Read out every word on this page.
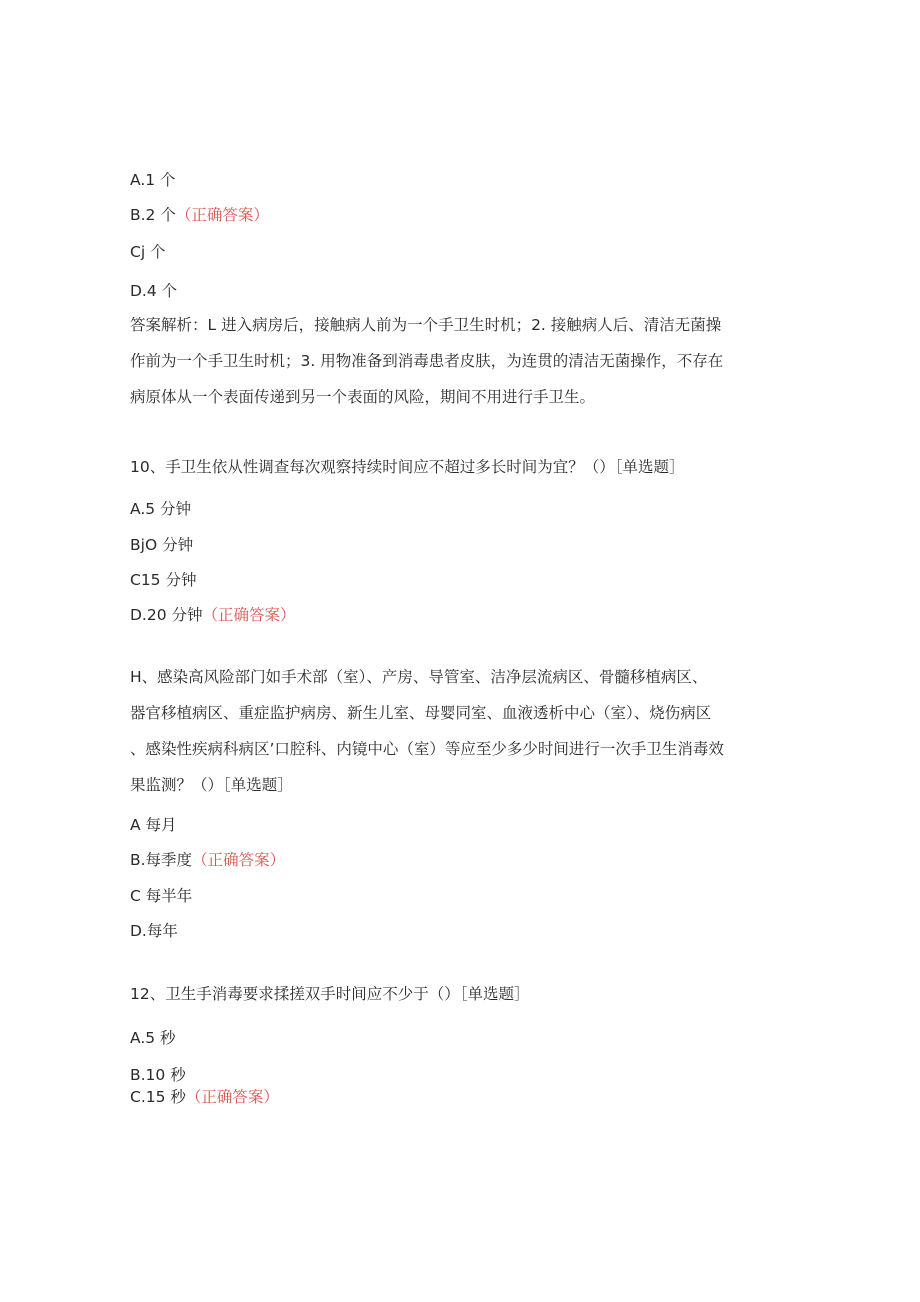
A.1 个
B.2 个（正确答案）
Cj 个
D.4 个
答案解析：L 进入病房后，接触病人前为一个手卫生时机；2. 接触病人后、清洁无菌操
作前为一个手卫生时机；3. 用物准备到消毒患者皮肤，为连贯的清洁无菌操作，不存在
病原体从一个表面传递到另一个表面的风险，期间不用进行手卫生。
10、手卫生依从性调查每次观察持续时间应不超过多长时间为宜？（）［单选题］
A.5 分钟
BjO 分钟
C15 分钟
D.20 分钟（正确答案）
H、感染高风险部门如手术部（室）、产房、导管室、洁净层流病区、骨髓移植病区、
器官移植病区、重症监护病房、新生儿室、母婴同室、血液透析中心（室）、烧伤病区
、感染性疾病科病区’口腔科、内镜中心（室）等应至少多少时间进行一次手卫生消毒效
果监测？（）［单选题］
A 每月
B.每季度（正确答案）
C 每半年
D.每年
12、卫生手消毒要求揉搓双手时间应不少于（）［单选题］
A.5 秒
B.10 秒
C.15 秒（正确答案）
